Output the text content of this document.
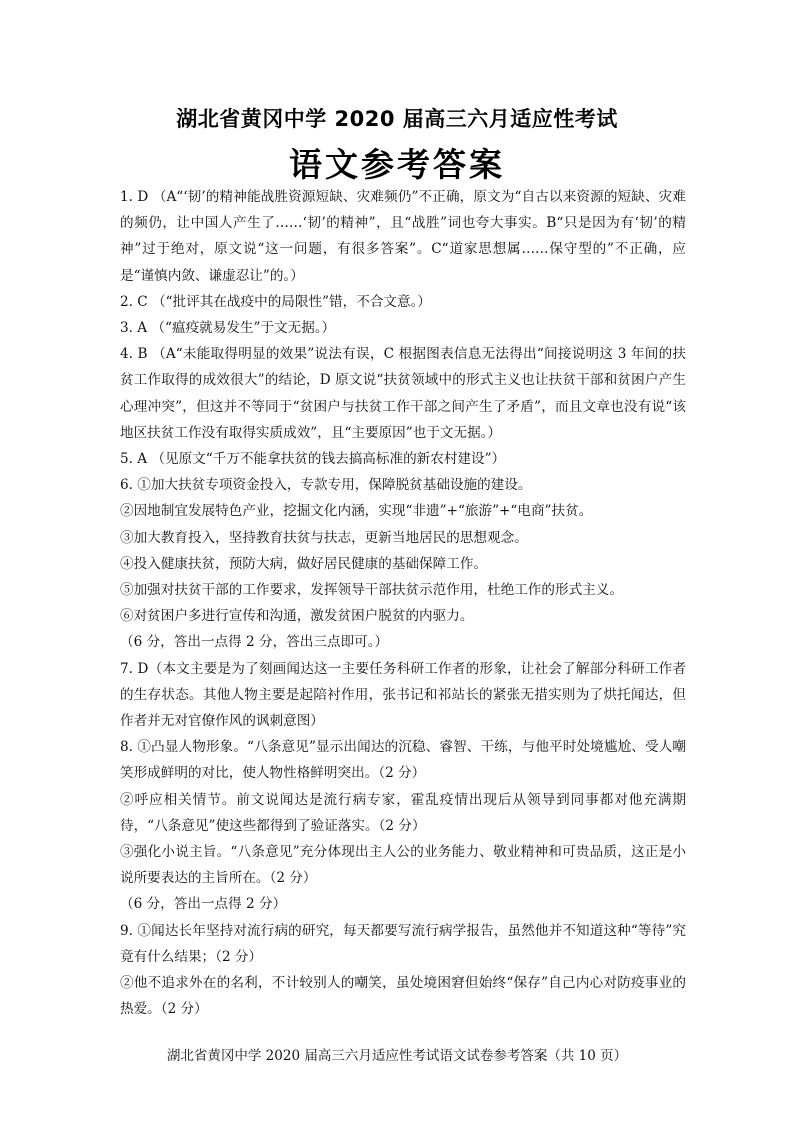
湖北省黄冈中学 2020 届高三六月适应性考试
语文参考答案

1. D （A“‘韧’的精神能战胜资源短缺、灾难频仍”不正确，原文为“自古以来资源的短缺、灾难的频仍，让中国人产生了……‘韧’的精神”，且“战胜”词也夸大事实。B“只是因为有‘韧’的精神”过于绝对，原文说“这一问题，有很多答案”。C“道家思想属……保守型的”不正确，应是“谨慎内敛、谦虚忍让”的。）

2. C （“批评其在战疫中的局限性”错，不合文意。）

3. A （“瘟疫就易发生”于文无据。）

4. B （A“未能取得明显的效果”说法有误，C 根据图表信息无法得出“间接说明这 3 年间的扶贫工作取得的成效很大”的结论，D 原文说“扶贫领域中的形式主义也让扶贫干部和贫困户产生心理冲突”，但这并不等同于“贫困户与扶贫工作干部之间产生了矛盾”，而且文章也没有说“该地区扶贫工作没有取得实质成效”，且“主要原因”也于文无据。）

5. A （见原文“千万不能拿扶贫的钱去搞高标准的新农村建设”）

6. ①加大扶贫专项资金投入，专款专用，保障脱贫基础设施的建设。

②因地制宜发展特色产业，挖掘文化内涵，实现“非遗”+“旅游”+“电商”扶贫。

③加大教育投入，坚持教育扶贫与扶志，更新当地居民的思想观念。

④投入健康扶贫，预防大病，做好居民健康的基础保障工作。

⑤加强对扶贫干部的工作要求，发挥领导干部扶贫示范作用，杜绝工作的形式主义。

⑥对贫困户多进行宣传和沟通，激发贫困户脱贫的内驱力。

（6 分，答出一点得 2 分，答出三点即可。）

7. D（本文主要是为了刻画闻达这一主要任务科研工作者的形象，让社会了解部分科研工作者的生存状态。其他人物主要是起陪衬作用，张书记和祁站长的紧张无措实则为了烘托闻达，但作者并无对官僚作风的讽刺意图）

8. ①凸显人物形象。“八条意见”显示出闻达的沉稳、睿智、干练，与他平时处境尴尬、受人嘲笑形成鲜明的对比，使人物性格鲜明突出。（2 分）

②呼应相关情节。前文说闻达是流行病专家，霍乱疫情出现后从领导到同事都对他充满期待，“八条意见”使这些都得到了验证落实。（2 分）

③强化小说主旨。“八条意见”充分体现出主人公的业务能力、敬业精神和可贵品质，这正是小说所要表达的主旨所在。（2 分）

（6 分，答出一点得 2 分）

9. ①闻达长年坚持对流行病的研究，每天都要写流行病学报告，虽然他并不知道这种“等待”究竟有什么结果；（2 分）

②他不追求外在的名利，不计较别人的嘲笑，虽处境困窘但始终“保存”自己内心对防疫事业的热爱。（2 分）

湖北省黄冈中学 2020 届高三六月适应性考试语文试卷参考答案（共 10 页）
